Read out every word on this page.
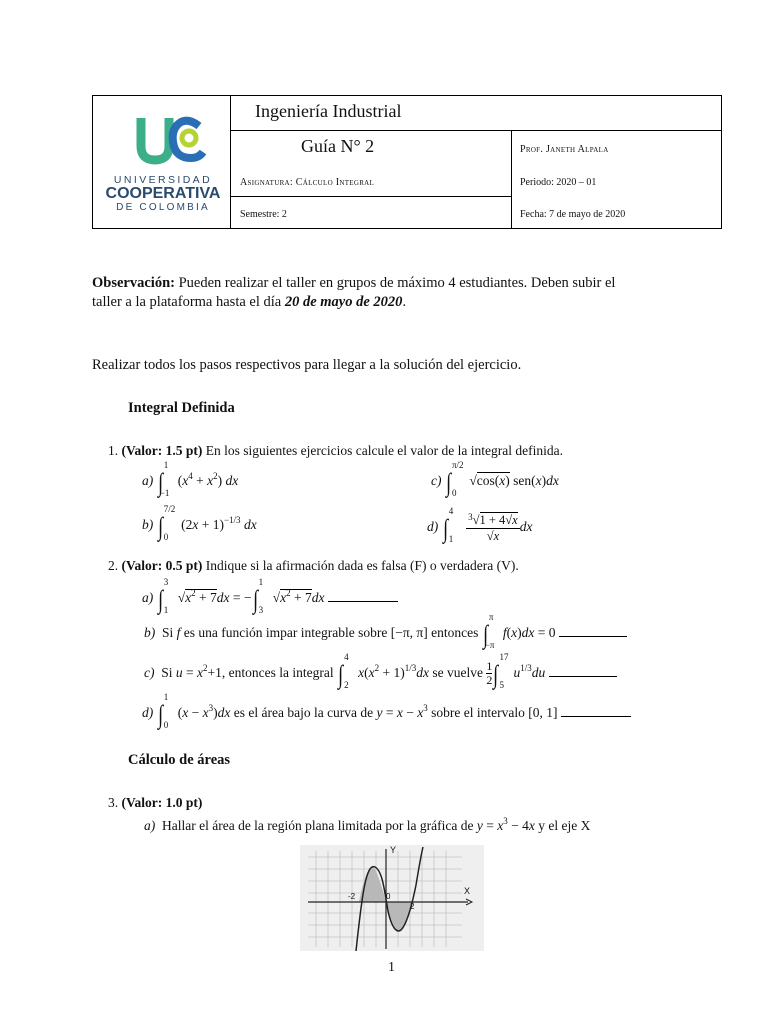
UNIVERSIDAD
COOPERATIVA
DE COLOMBIA
Ingeniería Industrial
Guía N° 2	Prof. Janeth Alpala
Asignatura: Cálculo Integral	Periodo: 2020 – 01
Semestre: 2	Fecha: 7 de mayo de 2020
Observación: Pueden realizar el taller en grupos de máximo 4 estudiantes. Deben subir el
taller a la plataforma hasta el día 20 de mayo de 2020.
Realizar todos los pasos respectivos para llegar a la solución del ejercicio.
Integral Definida
1. (Valor: 1.5 pt) En los siguientes ejercicios calcule el valor de la integral definida.
a) ∫
1
−1
$(x^4 + x^2)$ dx	c) ∫
π/2
0
√cos(x) sen(x)dx
b) ∫
7/2
0
$(2x + 1)^{-1/3}$ dx	d) ∫
4
1
$\frac{^3√1 + 4√x}{√x}$ dx
2. (Valor: 0.5 pt) Indique si la afirmación dada es falsa (F) o verdadera (V).
a) ∫
3
1
$√x^2 + 7dx$ = −∫
1
3
$√x^2 + 7dx$
b) Si f es una función impar integrable sobre [−π, π] entonces ∫
π
−π
f(x)dx = 0
c) Si $u = x^2+1$, entonces la integral ∫
4
2
$x(x^2 + 1)^{1/3}dx$ se vuelve $\frac{1}{2}$ ∫
17
5
$u^{1/3}du$
d) ∫
1
0
$(x - x^3)dx$ es el área bajo la curva de $y = x - x^3$ sobre el intervalo [0, 1]
Cálculo de áreas
3. (Valor: 1.0 pt)
a) Hallar el área de la región plana limitada por la gráfica de $y = x^3 - 4x$ y el eje X
Y
X
-2	0
2
1
